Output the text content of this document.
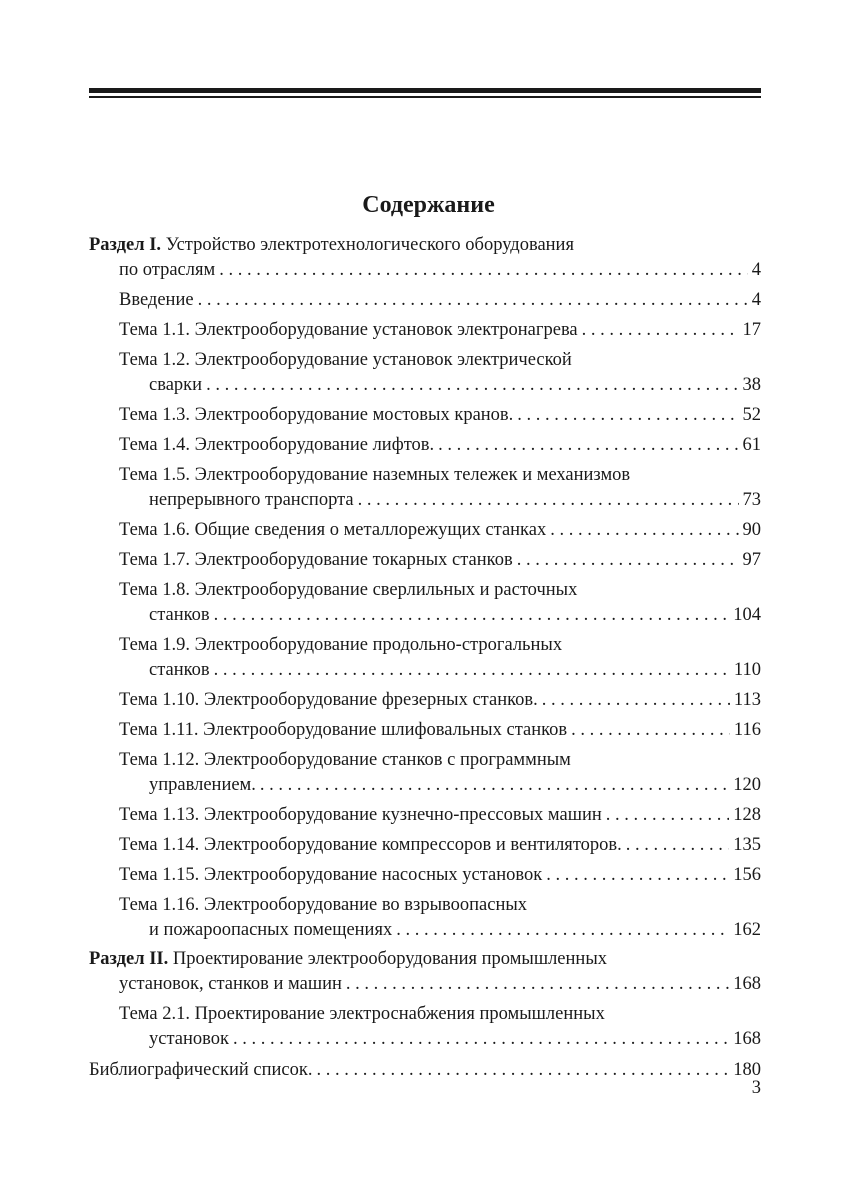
Содержание
Раздел I. Устройство электротехнологического оборудования
по отраслям . . .	4
Введение . . .	4
Тема 1.1. Электрооборудование установок электронагрева . . .	17
Тема 1.2. Электрооборудование установок электрической
сварки . . .	38
Тема 1.3. Электрооборудование мостовых кранов. . . .	52
Тема 1.4. Электрооборудование лифтов. . . .	61
Тема 1.5. Электрооборудование наземных тележек и механизмов
непрерывного транспорта . . .	73
Тема 1.6. Общие сведения о металлорежущих станках . . .	90
Тема 1.7. Электрооборудование токарных станков . . .	97
Тема 1.8. Электрооборудование сверлильных и расточных
станков . . .	104
Тема 1.9. Электрооборудование продольно-строгальных
станков . . .	110
Тема 1.10. Электрооборудование фрезерных станков. . . .	113
Тема 1.11. Электрооборудование шлифовальных станков . . .	116
Тема 1.12. Электрооборудование станков с программным
управлением. . . .	120
Тема 1.13. Электрооборудование кузнечно-прессовых машин . . .	128
Тема 1.14. Электрооборудование компрессоров и вентиляторов. . . .	135
Тема 1.15. Электрооборудование насосных установок . . .	156
Тема 1.16. Электрооборудование во взрывоопасных
и пожароопасных помещениях . . .	162
Раздел II. Проектирование электрооборудования промышленных
установок, станков и машин . . .	168
Тема 2.1. Проектирование электроснабжения промышленных
установок . . .	168
Библиографический список. . . .	180
3
